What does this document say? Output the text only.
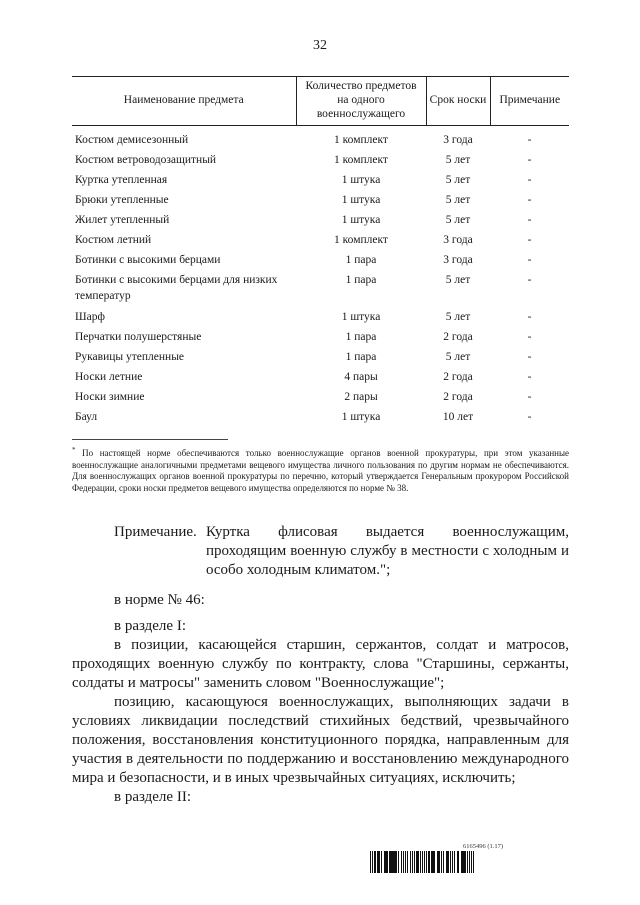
32
Наименование предмета	Количество предметов на одного военнослужащего	Срок носки	Примечание
Костюм демисезонный	1 комплект	3 года	-
Костюм ветроводозащитный	1 комплект	5 лет	-
Куртка утепленная	1 штука	5 лет	-
Брюки утепленные	1 штука	5 лет	-
Жилет утепленный	1 штука	5 лет	-
Костюм летний	1 комплект	3 года	-
Ботинки с высокими берцами	1 пара	3 года	-
Ботинки с высокими берцами для низких температур	1 пара	5 лет	-
Шарф	1 штука	5 лет	-
Перчатки полушерстяные	1 пара	2 года	-
Рукавицы утепленные	1 пара	5 лет	-
Носки летние	4 пары	2 года	-
Носки зимние	2 пары	2 года	-
Баул	1 штука	10 лет	-
* По настоящей норме обеспечиваются только военнослужащие органов военной прокуратуры, при этом указанные военнослужащие аналогичными предметами вещевого имущества личного пользования по другим нормам не обеспечиваются. Для военнослужащих органов военной прокуратуры по перечню, который утверждается Генеральным прокурором Российской Федерации, сроки носки предметов вещевого имущества определяются по норме № 38.
Примечание. Куртка флисовая выдается военнослужащим, проходящим военную службу в местности с холодным и особо холодным климатом.";

в норме № 46:

в разделе I:

в позиции, касающейся старшин, сержантов, солдат и матросов, проходящих военную службу по контракту, слова "Старшины, сержанты, солдаты и матросы" заменить словом "Военнослужащие";

позицию, касающуюся военнослужащих, выполняющих задачи в условиях ликвидации последствий стихийных бедствий, чрезвычайного положения, восстановления конституционного порядка, направленным для участия в деятельности по поддержанию и восстановлению международного мира и безопасности, и в иных чрезвычайных ситуациях, исключить;

в разделе II:

6165496 (1.17)
